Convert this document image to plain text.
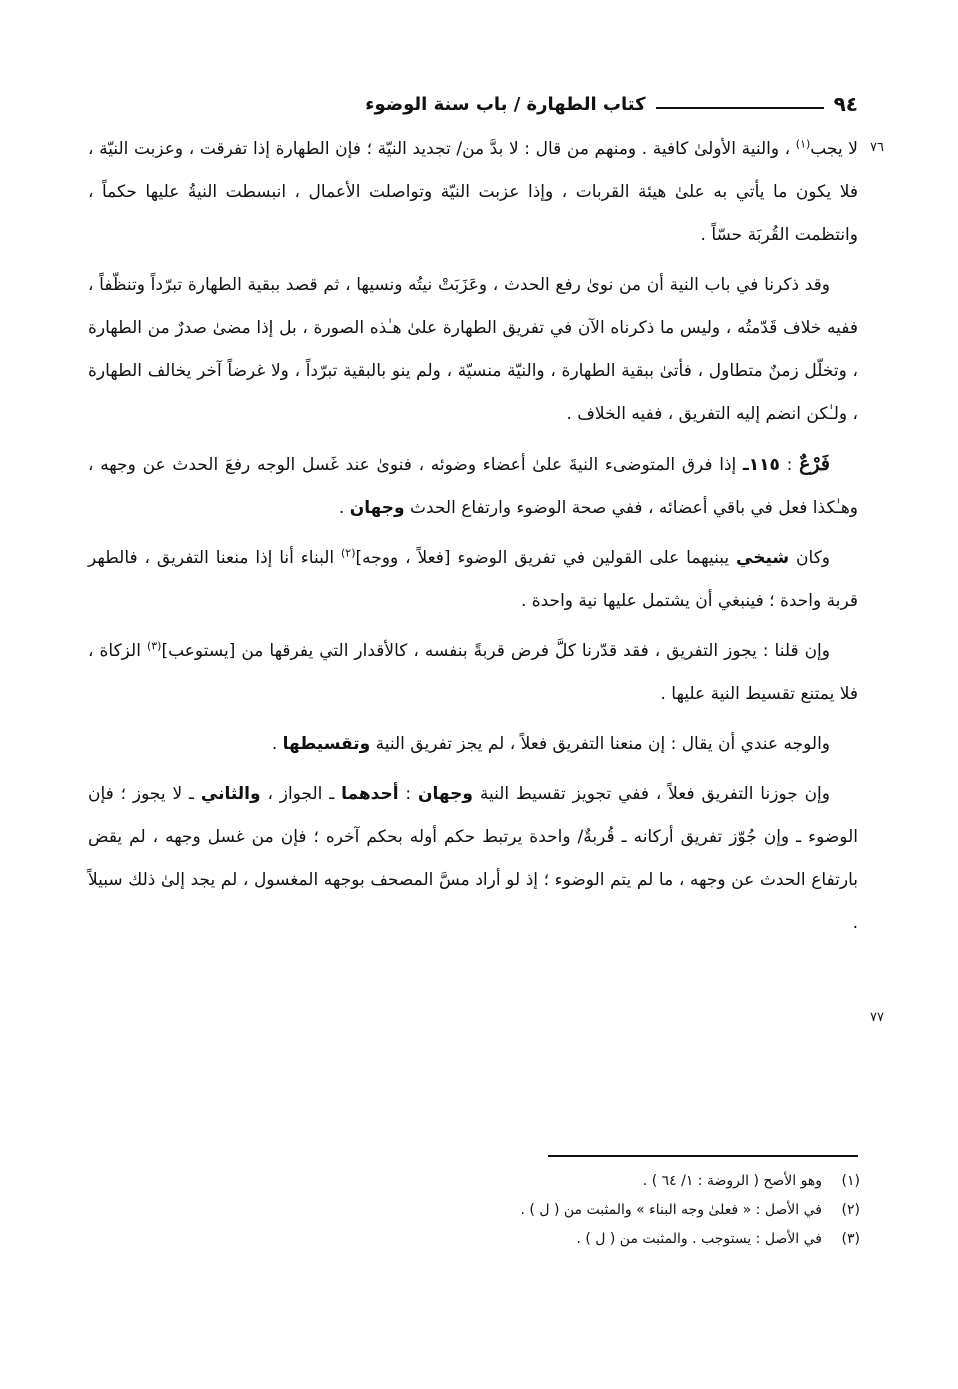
٩٤
كتاب الطهارة / باب سنة الوضوء
٧٦
٧٧

لا يجب$^{(١)}$ ، والنية الأولىٰ كافية . ومنهم من قال : لا بدَّ من/ تجديد النيّة ؛ فإن الطهارة إذا تفرقت ، وعزبت النيّة ، فلا يكون ما يأتي به علىٰ هيئة القربات ، وإذا عزبت النيّة وتواصلت الأعمال ، انبسطت النيةُ عليها حكماً ، وانتظمت القُربَة حسّاً .

وقد ذكرنا في باب النية أن من نوىٰ رفع الحدث ، وعَزَبَتْ نيتُه ونسيها ، ثم قصد ببقية الطهارة تبرّداً وتنظّفاً ، ففيه خلاف قَدّمتُه ، وليس ما ذكرناه الآن في تفريق الطهارة علىٰ هـٰذه الصورة ، بل إذا مضىٰ صدرٌ من الطهارة ، وتخلّل زمنٌ متطاول ، فأتىٰ ببقية الطهارة ، والنيّة منسيّة ، ولم ينو بالبقية تبرّداً ، ولا غرضاً آخر يخالف الطهارة ، ولـٰكن انضم إليه التفريق ، ففيه الخلاف .

فَرْعٌ : ١١٥ـ إذا فرق المتوضىء النيةَ علىٰ أعضاء وضوئه ، فنوىٰ عند غَسل الوجه رفعَ الحدث عن وجهه ، وهـٰكذا فعل في باقي أعضائه ، ففي صحة الوضوء وارتفاع الحدث وجهان .

وكان شيخي يبنيهما على القولين في تفريق الوضوء [فعلاً ، ووجه]$^{(٢)}$ البناء أنا إذا منعنا التفريق ، فالطهر قربة واحدة ؛ فينبغي أن يشتمل عليها نية واحدة .

وإن قلنا : يجوز التفريق ، فقد قدّرنا كلَّ فرض قربةً بنفسه ، كالأقدار التي يفرقها من [يستوعب]$^{(٣)}$ الزكاة ، فلا يمتنع تقسيط النية عليها .

والوجه عندي أن يقال : إن منعنا التفريق فعلاً ، لم يجز تفريق النية وتقسيطها .

وإن جوزنا التفريق فعلاً ، ففي تجويز تقسيط النية وجهان : أحدهما ـ الجواز ، والثاني ـ لا يجوز ؛ فإن الوضوء ـ وإن جُوّز تفريق أركانه ـ قُربةٌ/ واحدة يرتبط حكم أوله بحكم آخره ؛ فإن من غسل وجهه ، لم يقض بارتفاع الحدث عن وجهه ، ما لم يتم الوضوء ؛ إذ لو أراد مسَّ المصحف بوجهه المغسول ، لم يجد إلىٰ ذلك سبيلاً .

(١)
وهو الأصح ( الروضة : ١/ ٦٤ ) .
(٢)
في الأصل : « فعلىٰ وجه البناء » والمثبت من ( ل ) .
(٣)
في الأصل : يستوجب . والمثبت من ( ل ) .
